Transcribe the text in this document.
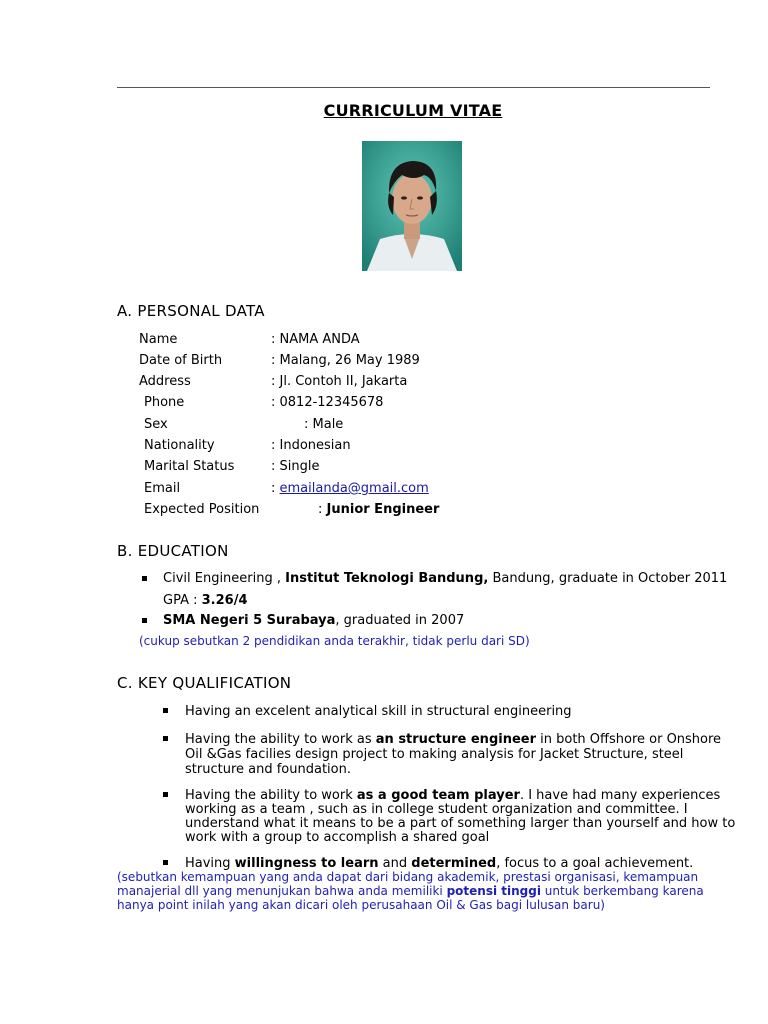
CURRICULUM VITAE
A. PERSONAL DATA
Name	: NAMA ANDA
Date of Birth	: Malang, 26 May 1989
Address	: Jl. Contoh II, Jakarta
Phone	: 0812-12345678
Sex	: Male
Nationality	: Indonesian
Marital Status	: Single
Email	: emailanda@gmail.com
Expected Position	: Junior Engineer
B. EDUCATION
Civil Engineering , Institut Teknologi Bandung, Bandung, graduate in October 2011
GPA : 3.26/4
SMA Negeri 5 Surabaya, graduated in 2007
(cukup sebutkan 2 pendidikan anda terakhir, tidak perlu dari SD)
C. KEY QUALIFICATION
Having an excelent analytical skill in structural engineering
Having the ability to work as an structure engineer in both Offshore or Onshore
Oil &Gas facilies design project to making analysis for Jacket Structure, steel
structure and foundation.
Having the ability to work as a good team player. I have had many experiences
working as a team , such as in college student organization and committee. I
understand what it means to be a part of something larger than yourself and how to
work with a group to accomplish a shared goal
Having willingness to learn and determined, focus to a goal achievement.
(sebutkan kemampuan yang anda dapat dari bidang akademik, prestasi organisasi, kemampuan
manajerial dll yang menunjukan bahwa anda memiliki potensi tinggi untuk berkembang karena
hanya point inilah yang akan dicari oleh perusahaan Oil & Gas bagi lulusan baru)
